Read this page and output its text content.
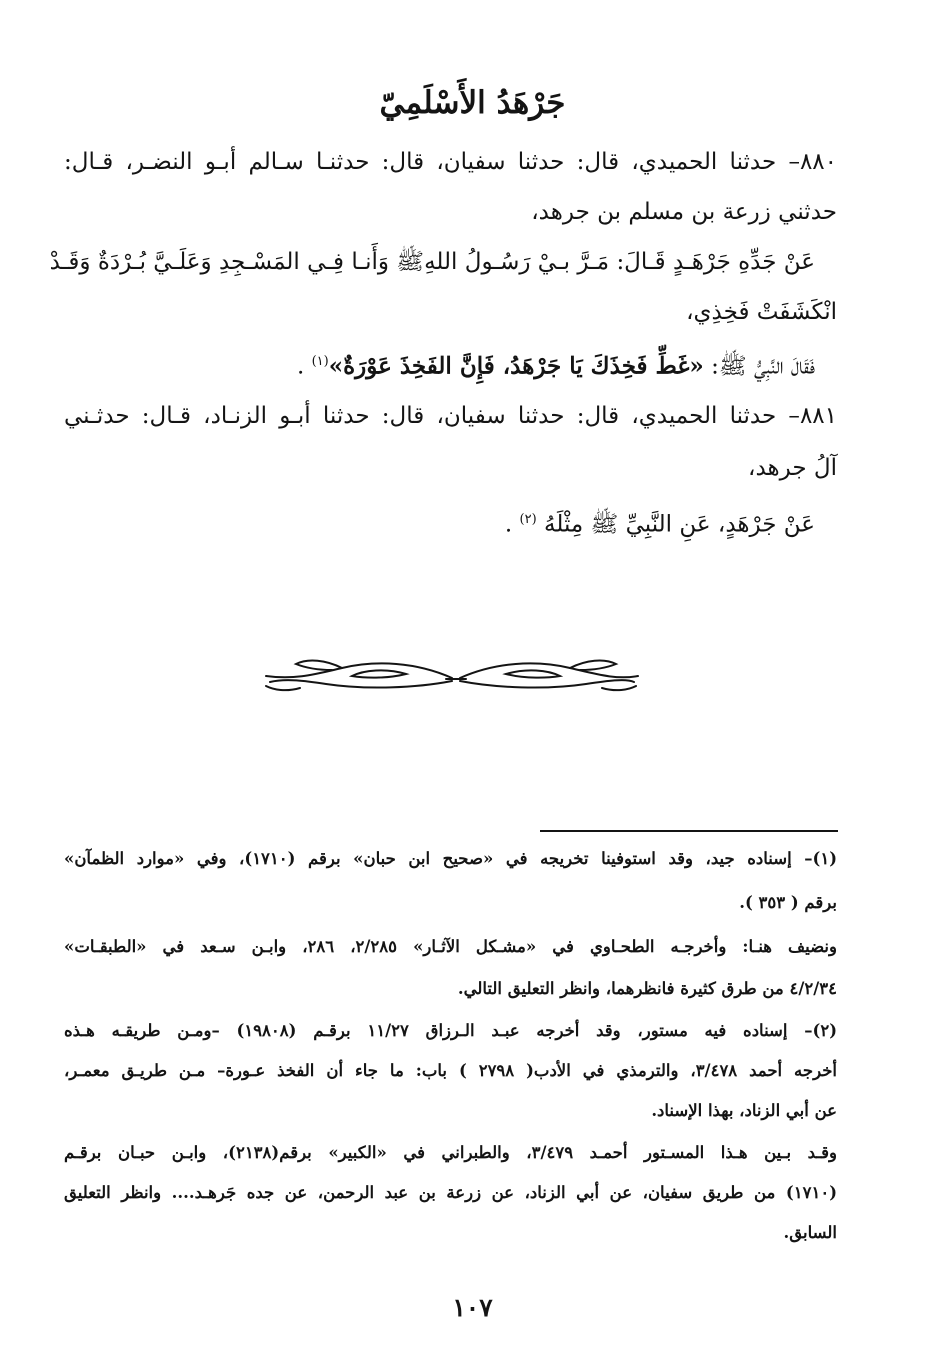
جَرْهَدُ الأَسْلَمِيّ
٨٨٠– حدثنا الحميدي، قال: حدثنا سفيان، قال: حدثنـا سـالم أبـو النضـر، قـال:
حدثني زرعة بن مسلم بن جرهد،
عَنْ جَدِّهِ جَرْهَـدٍ قَـالَ: مَـرَّ بـيْ رَسُـولُ اللهِﷺ وَأَنـا فِـي المَسْـجِدِ وَعَلَـيَّ بُـرْدَةٌ وَقَـدْ
انْكَشَفَتْ فَخِذِي،
فَقَالَ النَّبِيُّ ﷺ: «غَطِّ فَخِذَكَ يَا جَرْهَدُ، فَإِنَّ الفَخِذَ عَوْرَةٌ»$^{(١)}$ .
٨٨١– حدثنا الحميدي، قال: حدثنا سفيان، قال: حدثنا أبـو الزنـاد، قـال: حدثـني
آلُ جرهد،
عَنْ جَرْهَدٍ، عَنِ النَّبِيِّ ﷺ مِثْلَهُ $^{(٢)}$ .
(١)– إسناده جيد، وقد استوفينا تخريجه في «صحيح ابن حبان» برقم (١٧١٠)، وفي «موارد الظمآن»
برقم ( ٣٥٣ ).
ونضيف هنـا: وأخرجـه الطحـاوي في «مشـكل الآثـار» ٢/٢٨٥، ٢٨٦، وابـن سـعد في «الطبقـات»
٤/٢/٣٤ من طرق كثيرة فانظرهما، وانظر التعليق التالي.
(٢)– إسناده فيه مستور، وقد أخرجه عبـد الـرزاق ١١/٢٧ برقـم (١٩٨٠٨) –ومـن طريقـه هـذه
أخرجه أحمد ٣/٤٧٨، والترمذي في الأدب( ٢٧٩٨ ) باب: ما جاء أن الفخذ عـورة– مـن طريـق معمـر،
عن أبي الزناد، بهذا الإسناد.
وقـد بـين هـذا المسـتور أحمـد ٣/٤٧٩، والطبراني في «الكبير» برقم(٢١٣٨)، وابـن حبـان برقـم
(١٧١٠) من طريق سفيان، عن أبي الزناد، عن زرعة بن عبد الرحمن، عن جده جَرهـد.... وانظر التعليق
السابق.
١٠٧
